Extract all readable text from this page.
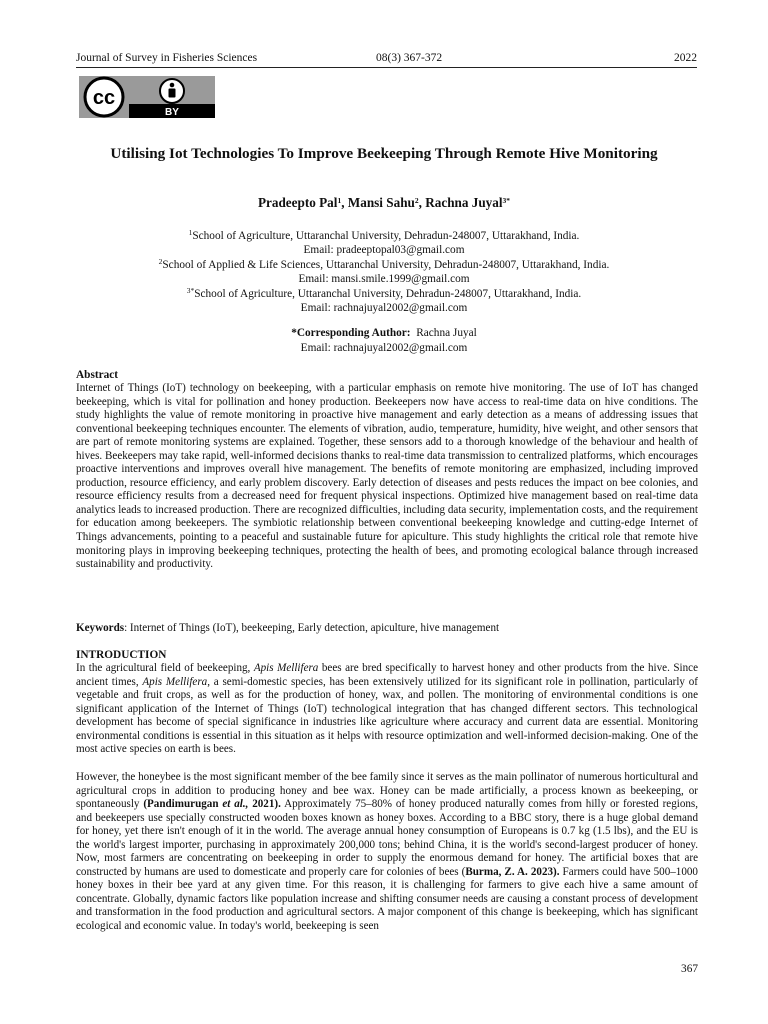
Journal of Survey in Fisheries Sciences	08(3) 367-372	2022
cc
BY
Utilising Iot Technologies To Improve Beekeeping Through Remote Hive Monitoring
Pradeepto Pal$^1$, Mansi Sahu$^2$, Rachna Juyal$^{3*}$
$^1$School of Agriculture, Uttaranchal University, Dehradun-248007, Uttarakhand, India.
Email: pradeeptopal03@gmail.com
$^2$School of Applied & Life Sciences, Uttaranchal University, Dehradun-248007, Uttarakhand, India.
Email: mansi.smile.1999@gmail.com
$^{3*}$School of Agriculture, Uttaranchal University, Dehradun-248007, Uttarakhand, India.
Email: rachnajuyal2002@gmail.com
*Corresponding Author: Rachna Juyal
Email: rachnajuyal2002@gmail.com
Abstract
Internet of Things (IoT) technology on beekeeping, with a particular emphasis on remote hive monitoring. The use of IoT has changed beekeeping, which is vital for pollination and honey production. Beekeepers now have access to real-time data on hive conditions. The study highlights the value of remote monitoring in proactive hive management and early detection as a means of addressing issues that conventional beekeeping techniques encounter. The elements of vibration, audio, temperature, humidity, hive weight, and other sensors that are part of remote monitoring systems are explained. Together, these sensors add to a thorough knowledge of the behaviour and health of hives. Beekeepers may take rapid, well-informed decisions thanks to real-time data transmission to centralized platforms, which encourages proactive interventions and improves overall hive management. The benefits of remote monitoring are emphasized, including improved production, resource efficiency, and early problem discovery. Early detection of diseases and pests reduces the impact on bee colonies, and resource efficiency results from a decreased need for frequent physical inspections. Optimized hive management based on real-time data analytics leads to increased production. There are recognized difficulties, including data security, implementation costs, and the requirement for education among beekeepers. The symbiotic relationship between conventional beekeeping knowledge and cutting-edge Internet of Things advancements, pointing to a peaceful and sustainable future for apiculture. This study highlights the critical role that remote hive monitoring plays in improving beekeeping techniques, protecting the health of bees, and promoting ecological balance through increased sustainability and productivity.
Keywords: Internet of Things (IoT), beekeeping, Early detection, apiculture, hive management
INTRODUCTION
In the agricultural field of beekeeping, Apis Mellifera bees are bred specifically to harvest honey and other products from the hive. Since ancient times, Apis Mellifera, a semi-domestic species, has been extensively utilized for its significant role in pollination, particularly of vegetable and fruit crops, as well as for the production of honey, wax, and pollen. The monitoring of environmental conditions is one significant application of the Internet of Things (IoT) technological integration that has changed different sectors. This technological development has become of special significance in industries like agriculture where accuracy and current data are essential. Monitoring environmental conditions is essential in this situation as it helps with resource optimization and well-informed decision-making. One of the most active species on earth is bees.
However, the honeybee is the most significant member of the bee family since it serves as the main pollinator of numerous horticultural and agricultural crops in addition to producing honey and bee wax. Honey can be made artificially, a process known as beekeeping, or spontaneously (Pandimurugan et al., 2021). Approximately 75–80% of honey produced naturally comes from hilly or forested regions, and beekeepers use specially constructed wooden boxes known as honey boxes. According to a BBC story, there is a huge global demand for honey, yet there isn't enough of it in the world. The average annual honey consumption of Europeans is 0.7 kg (1.5 lbs), and the EU is the world's largest importer, purchasing in approximately 200,000 tons; behind China, it is the world's second-largest producer of honey. Now, most farmers are concentrating on beekeeping in order to supply the enormous demand for honey. The artificial boxes that are constructed by humans are used to domesticate and properly care for colonies of bees (Burma, Z. A. 2023). Farmers could have 500–1000 honey boxes in their bee yard at any given time. For this reason, it is challenging for farmers to give each hive a same amount of concentrate. Globally, dynamic factors like population increase and shifting consumer needs are causing a constant process of development and transformation in the food production and agricultural sectors. A major component of this change is beekeeping, which has significant ecological and economic value. In today's world, beekeeping is seen
367
